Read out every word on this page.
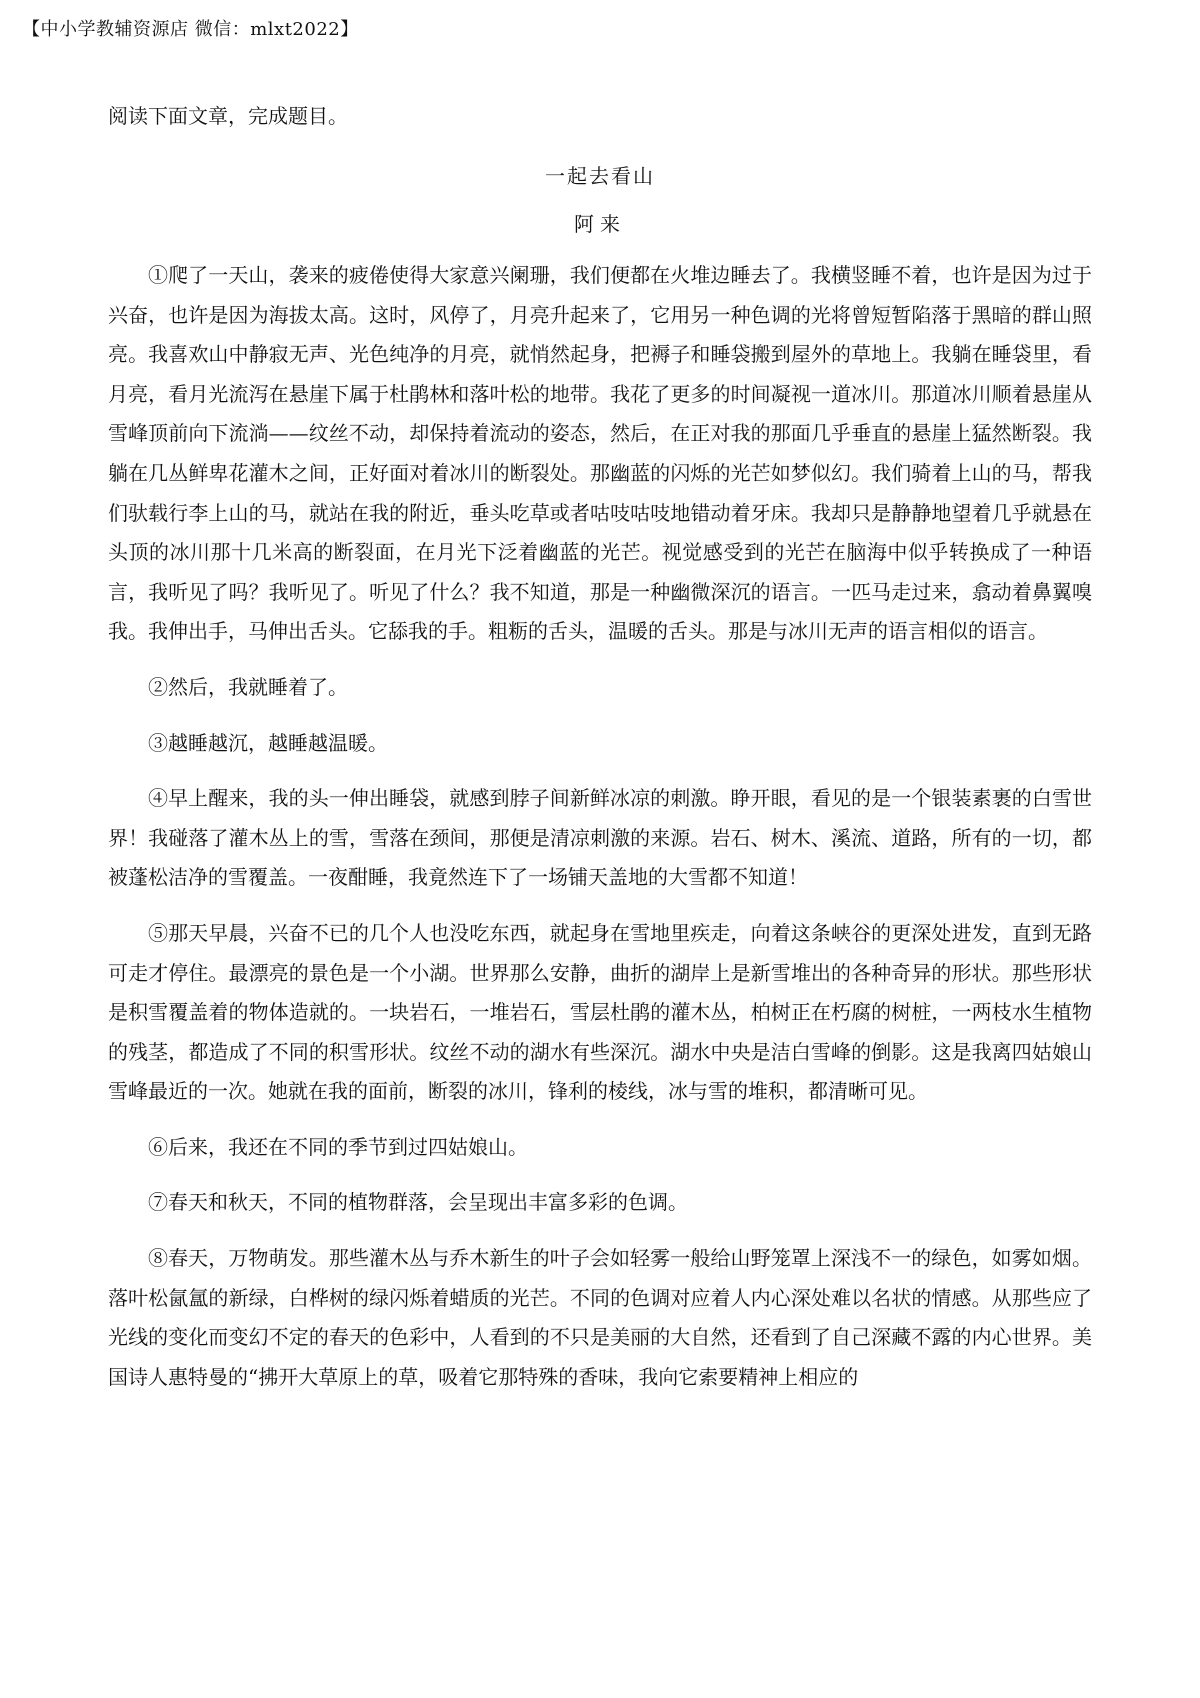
【中小学教辅资源店 微信：mlxt2022】

阅读下面文章，完成题目。

一起去看山

阿来

①爬了一天山，袭来的疲倦使得大家意兴阑珊，我们便都在火堆边睡去了。我横竖睡不着，也许是因为过于兴奋，也许是因为海拔太高。这时，风停了，月亮升起来了，它用另一种色调的光将曾短暂陷落于黑暗的群山照亮。我喜欢山中静寂无声、光色纯净的月亮，就悄然起身，把褥子和睡袋搬到屋外的草地上。我躺在睡袋里，看月亮，看月光流泻在悬崖下属于杜鹃林和落叶松的地带。我花了更多的时间凝视一道冰川。那道冰川顺着悬崖从雪峰顶前向下流淌——纹丝不动，却保持着流动的姿态，然后，在正对我的那面几乎垂直的悬崖上猛然断裂。我躺在几丛鲜卑花灌木之间，正好面对着冰川的断裂处。那幽蓝的闪烁的光芒如梦似幻。我们骑着上山的马，帮我们驮载行李上山的马，就站在我的附近，垂头吃草或者咕吱咕吱地错动着牙床。我却只是静静地望着几乎就悬在头顶的冰川那十几米高的断裂面，在月光下泛着幽蓝的光芒。视觉感受到的光芒在脑海中似乎转换成了一种语言，我听见了吗？我听见了。听见了什么？我不知道，那是一种幽微深沉的语言。一匹马走过来，翕动着鼻翼嗅我。我伸出手，马伸出舌头。它舔我的手。粗粝的舌头，温暖的舌头。那是与冰川无声的语言相似的语言。

②然后，我就睡着了。

③越睡越沉，越睡越温暖。

④早上醒来，我的头一伸出睡袋，就感到脖子间新鲜冰凉的刺激。睁开眼，看见的是一个银装素裹的白雪世界！我碰落了灌木丛上的雪，雪落在颈间，那便是清凉刺激的来源。岩石、树木、溪流、道路，所有的一切，都被蓬松洁净的雪覆盖。一夜酣睡，我竟然连下了一场铺天盖地的大雪都不知道！

⑤那天早晨，兴奋不已的几个人也没吃东西，就起身在雪地里疾走，向着这条峡谷的更深处进发，直到无路可走才停住。最漂亮的景色是一个小湖。世界那么安静，曲折的湖岸上是新雪堆出的各种奇异的形状。那些形状是积雪覆盖着的物体造就的。一块岩石，一堆岩石，雪层杜鹃的灌木丛，柏树正在朽腐的树桩，一两枝水生植物的残茎，都造成了不同的积雪形状。纹丝不动的湖水有些深沉。湖水中央是洁白雪峰的倒影。这是我离四姑娘山雪峰最近的一次。她就在我的面前，断裂的冰川，锋利的棱线，冰与雪的堆积，都清晰可见。

⑥后来，我还在不同的季节到过四姑娘山。

⑦春天和秋天，不同的植物群落，会呈现出丰富多彩的色调。

⑧春天，万物萌发。那些灌木丛与乔木新生的叶子会如轻雾一般给山野笼罩上深浅不一的绿色，如雾如烟。落叶松氤氲的新绿，白桦树的绿闪烁着蜡质的光芒。不同的色调对应着人内心深处难以名状的情感。从那些应了光线的变化而变幻不定的春天的色彩中，人看到的不只是美丽的大自然，还看到了自己深藏不露的内心世界。美国诗人惠特曼的“拂开大草原上的草，吸着它那特殊的香味，我向它索要精神上相应的
